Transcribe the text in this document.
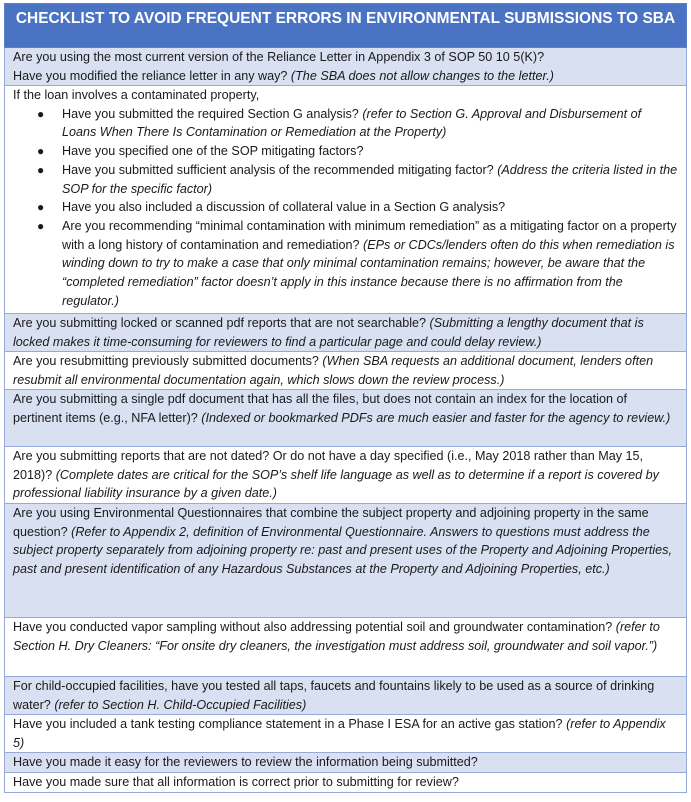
CHECKLIST TO AVOID FREQUENT ERRORS IN ENVIRONMENTAL SUBMISSIONS TO SBA
Are you using the most current version of the Reliance Letter in Appendix 3 of SOP 50 10 5(K)?
Have you modified the reliance letter in any way? (The SBA does not allow changes to the letter.)
If the loan involves a contaminated property,
● Have you submitted the required Section G analysis? (refer to Section G. Approval and Disbursement of Loans When There Is Contamination or Remediation at the Property)
● Have you specified one of the SOP mitigating factors?
● Have you submitted sufficient analysis of the recommended mitigating factor? (Address the criteria listed in the SOP for the specific factor)
● Have you also included a discussion of collateral value in a Section G analysis?
● Are you recommending “minimal contamination with minimum remediation” as a mitigating factor on a property with a long history of contamination and remediation? (EPs or CDCs/lenders often do this when remediation is winding down to try to make a case that only minimal contamination remains; however, be aware that the “completed remediation” factor doesn’t apply in this instance because there is no affirmation from the regulator.)
Are you submitting locked or scanned pdf reports that are not searchable? (Submitting a lengthy document that is locked makes it time-consuming for reviewers to find a particular page and could delay review.)
Are you resubmitting previously submitted documents? (When SBA requests an additional document, lenders often resubmit all environmental documentation again, which slows down the review process.)
Are you submitting a single pdf document that has all the files, but does not contain an index for the location of pertinent items (e.g., NFA letter)? (Indexed or bookmarked PDFs are much easier and faster for the agency to review.)
Are you submitting reports that are not dated? Or do not have a day specified (i.e., May 2018 rather than May 15, 2018)? (Complete dates are critical for the SOP’s shelf life language as well as to determine if a report is covered by professional liability insurance by a given date.)
Are you using Environmental Questionnaires that combine the subject property and adjoining property in the same question? (Refer to Appendix 2, definition of Environmental Questionnaire. Answers to questions must address the subject property separately from adjoining property re: past and present uses of the Property and Adjoining Properties, past and present identification of any Hazardous Substances at the Property and Adjoining Properties, etc.)
Have you conducted vapor sampling without also addressing potential soil and groundwater contamination? (refer to Section H. Dry Cleaners: “For onsite dry cleaners, the investigation must address soil, groundwater and soil vapor.”)
For child-occupied facilities, have you tested all taps, faucets and fountains likely to be used as a source of drinking water? (refer to Section H. Child-Occupied Facilities)
Have you included a tank testing compliance statement in a Phase I ESA for an active gas station? (refer to Appendix 5)
Have you made it easy for the reviewers to review the information being submitted?
Have you made sure that all information is correct prior to submitting for review?
